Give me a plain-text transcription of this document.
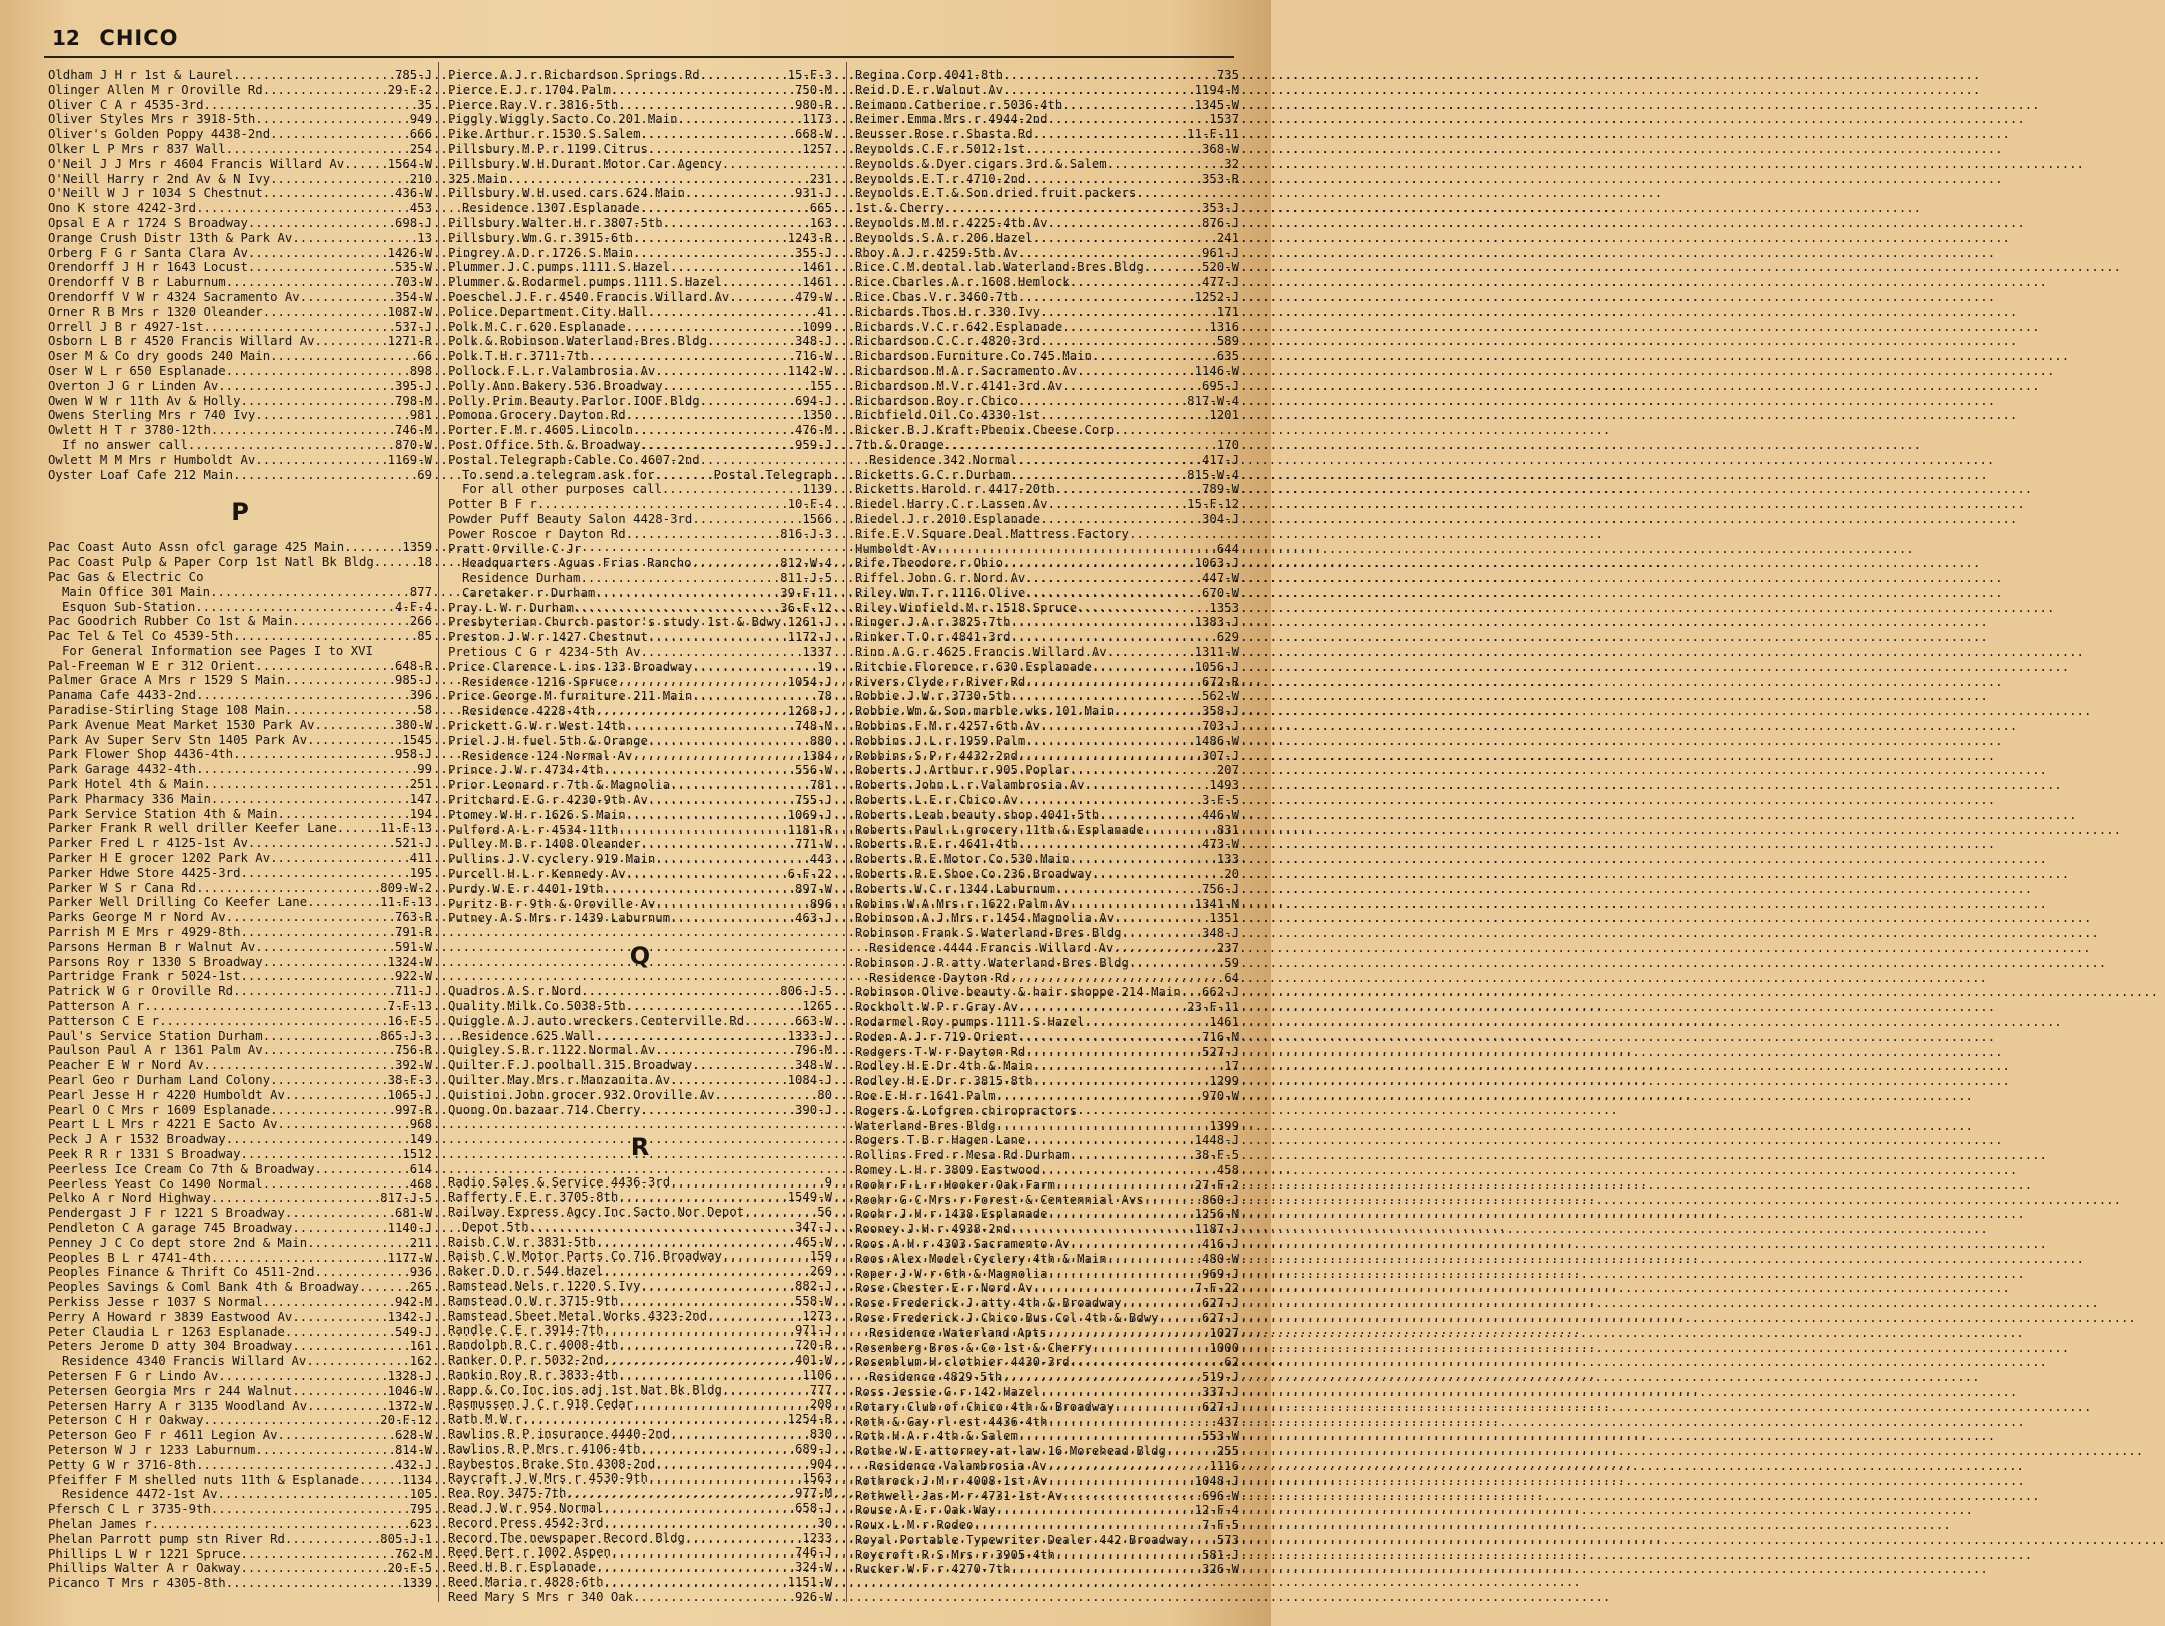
12 CHICO
Oldham J H r 1st & Laurel .....	785-J
Olinger Allen M r Oroville Rd .....	29-F-2
Oliver C A r 4535-3rd .....	35
Oliver Styles Mrs r 3918-5th .....	949
Oliver's Golden Poppy 4438-2nd .....	666
Olker L P Mrs r 837 Wall .....	254
O'Neil J J Mrs r 4604 Francis Willard Av .....	1564-W
O'Neill Harry r 2nd Av & N Ivy .....	210
O'Neill W J r 1034 S Chestnut .....	436-W
Ono K store 4242-3rd .....	453
Opsal E A r 1724 S Broadway .....	698-J
Orange Crush Distr 13th & Park Av .....	13
Orberg F G r Santa Clara Av .....	1426-W
Orendorff J H r 1643 Locust .....	535-W
Orendorff V B r Laburnum .....	703-W
Orendorff V W r 4324 Sacramento Av .....	354-W
Orner R B Mrs r 1320 Oleander .....	1087-W
Orrell J B r 4927-1st .....	537-J
Osborn L B r 4520 Francis Willard Av .....	1271-R
Oser M & Co dry goods 240 Main .....	66
Oser W L r 650 Esplanade .....	898
Overton J G r Linden Av .....	395-J
Owen W W r 11th Av & Holly .....	798-M
Owens Sterling Mrs r 740 Ivy .....	981
Owlett H T r 3780-12th .....	746-M
If no answer call .....	870-W
Owlett M M Mrs r Humboldt Av .....	1169-W
Oyster Loaf Cafe 212 Main .....	69
P
Pac Coast Auto Assn ofcl garage 425 Main .....	1359
Pac Coast Pulp & Paper Corp 1st Natl Bk Bldg .....	18
Pac Gas & Electric Co
Main Office 301 Main .....	877
Esquon Sub-Station .....	4-F-4
Pac Goodrich Rubber Co 1st & Main .....	266
Pac Tel & Tel Co 4539-5th .....	85
For General Information see Pages I to XVI
Pal-Freeman W E r 312 Orient .....	648-R
Palmer Grace A Mrs r 1529 S Main .....	985-J
Panama Cafe 4433-2nd .....	396
Paradise-Stirling Stage 108 Main .....	58
Park Avenue Meat Market 1530 Park Av .....	380-W
Park Av Super Serv Stn 1405 Park Av .....	1545
Park Flower Shop 4436-4th .....	958-J
Park Garage 4432-4th .....	99
Park Hotel 4th & Main .....	251
Park Pharmacy 336 Main .....	147
Park Service Station 4th & Main .....	194
Parker Frank R well driller Keefer Lane .....	11-F-13
Parker Fred L r 4125-1st Av .....	521-J
Parker H E grocer 1202 Park Av .....	411
Parker Hdwe Store 4425-3rd .....	195
Parker W S r Cana Rd .....	809-W-2
Parker Well Drilling Co Keefer Lane .....	11-F-13
Parks George M r Nord Av .....	763-R
Parrish M E Mrs r 4929-8th .....	791-R
Parsons Herman B r Walnut Av .....	591-W
Parsons Roy r 1330 S Broadway .....	1324-W
Partridge Frank r 5024-1st .....	922-W
Patrick W G r Oroville Rd .....	711-J
Patterson A r .....	7-F-13
Patterson C E r .....	16-F-5
Paul's Service Station Durham .....	865-J-3
Paulson Paul A r 1361 Palm Av .....	756-R
Peacher E W r Nord Av .....	392-W
Pearl Geo r Durham Land Colony .....	38-F-3
Pearl Jesse H r 4220 Humboldt Av .....	1065-J
Pearl O C Mrs r 1609 Esplanade .....	997-R
Peart L L Mrs r 4221 E Sacto Av .....	968
Peck J A r 1532 Broadway .....	149
Peek R R r 1331 S Broadway .....	1512
Peerless Ice Cream Co 7th & Broadway .....	614
Peerless Yeast Co 1490 Normal .....	468
Pelko A r Nord Highway .....	817-J-5
Pendergast J F r 1221 S Broadway .....	681-W
Pendleton C A garage 745 Broadway .....	1140-J
Penney J C Co dept store 2nd & Main .....	211
Peoples B L r 4741-4th .....	1177-W
Peoples Finance & Thrift Co 4511-2nd .....	936
Peoples Savings & Coml Bank 4th & Broadway .....	265
Perkiss Jesse r 1037 S Normal .....	942-M
Perry A Howard r 3839 Eastwood Av .....	1342-J
Peter Claudia L r 1263 Esplanade .....	549-J
Peters Jerome D atty 304 Broadway .....	161
Residence 4340 Francis Willard Av .....	162
Petersen F G r Lindo Av .....	1328-J
Petersen Georgia Mrs r 244 Walnut .....	1046-W
Petersen Harry A r 3135 Woodland Av .....	1372-W
Peterson C H r Oakway .....	20-F-12
Peterson Geo F r 4611 Legion Av .....	628-W
Peterson W J r 1233 Laburnum .....	814-W
Petty G W r 3716-8th .....	432-J
Pfeiffer F M shelled nuts 11th & Esplanade .....	1134
Residence 4472-1st Av .....	105
Pfersch C L r 3735-9th .....	795
Phelan James r .....	623
Phelan Parrott pump stn River Rd .....	805-J-1
Phillips L W r 1221 Spruce .....	762-M
Phillips Walter A r Oakway .....	20-F-5
Picanco T Mrs r 4305-8th .....	1339
Pierce A J r Richardson Springs Rd .....	15-F-3
Pierce E J r 1704 Palm .....	750-M
Pierce Ray V r 3816-5th .....	980-R
Piggly Wiggly Sacto Co 201 Main .....	1173
Pike Arthur r 1530 S Salem .....	668-W
Pillsbury M P r 1199 Citrus .....	1257
Pillsbury W H Durant Motor Car Agency
325 Main .....	231
Pillsbury W H used cars 624 Main .....	931-J
Residence 1307 Esplanade .....	665
Pillsbury Walter H r 3807-5th .....	163
Pillsbury Wm G r 3915-6th .....	1243-R
Pingrey A D r 1726 S Main .....	355-J
Plummer J C pumps 1111 S Hazel .....	1461
Plummer & Rodarmel pumps 1111 S Hazel .....	1461
Poeschel J F r 4540 Francis Willard Av .....	479-W
Police Department City Hall .....	41
Polk M C r 620 Esplanade .....	1099
Polk & Robinson Waterland-Bres Bldg .....	348-J
Polk T H r 3711-7th .....	716-W
Pollock F L r Valambrosia Av .....	1142-W
Polly Ann Bakery 536 Broadway .....	155
Polly Prim Beauty Parlor IOOF Bldg .....	694-J
Pomona Grocery Dayton Rd .....	1350
Porter F M r 4605 Lincoln .....	476-M
Post Office 5th & Broadway .....	959-J
Postal Telegraph-Cable Co 4607-2nd
To send a telegram ask for .....	Postal Telegraph
For all other purposes call .....	1139
Potter B F r .....	10-F-4
Powder Puff Beauty Salon 4428-3rd .....	1566
Power Roscoe r Dayton Rd .....	816-J-3
Pratt Orville C Jr
Headquarters Aguas Frias Rancho .....	812-W-4
Residence Durham .....	811-J-5
Caretaker r Durham .....	39-F-11
Pray L W r Durham .....	36-F-12
Presbyterian Church pastor's study 1st & Bdwy ..... 1261-J
Preston J W r 1427 Chestnut .....	1172-J
Pretious C G r 4234-5th Av .....	1337
Price Clarence L ins 133 Broadway .....	19
Residence 1216 Spruce .....	1054-J
Price George M furniture 211 Main .....	78
Residence 4228-4th .....	1268-J
Prickett G W r West 14th .....	748-M
Priel J H fuel 5th & Orange .....	880
Residence 124 Normal Av .....	1384
Prince J W r 4734-4th .....	556-W
Prior Leonard r 7th & Magnolia .....	781
Pritchard E G r 4230-9th Av .....	755-J
Ptomey W H r 1626 S Main .....	1069-J
Pulford A L r 4534-11th .....	1181-R
Pulley M B r 1408 Oleander .....	771-W
Pullins J V cyclery 919 Main .....	443
Purcell H L r Kennedy Av .....	6-F-22
Purdy W E r 4401-19th .....	897-W
Puritz B r 9th & Oroville Av .....	896
Putney A S Mrs r 1439 Laburnum .....	463-J
Q
Quadros A S r Nord .....	806-J-5
Quality Milk Co 5038-5th .....	1265
Quiggle A J auto wreckers Centerville Rd .....	663-W
Residence 625 Wall .....	1333-J
Quigley S R r 1122 Normal Av .....	796-M
Quilter F J poolhall 315 Broadway .....	348-W
Quilter May Mrs r Manzanita Av .....	1084-J
Quistini John grocer 932 Oroville Av .....	80
Quong On bazaar 714 Cherry .....	390-J
R
Radio Sales & Service 4436-3rd .....	9
Rafferty F E r 3705-8th .....	1549-W
Railway Express Agcy Inc Sacto Nor Depot .....	56
Depot 5th .....	347-J
Raish C W r 3831-5th .....	465-W
Raish C W Motor Parts Co 716 Broadway .....	159
Raker D D r 544 Hazel .....	269
Ramstead Nels r 1220 S Ivy .....	882-J
Ramstead O W r 3715-9th .....	558-W
Ramstead Sheet Metal Works 4323-2nd .....	1273
Randle C E r 3914-7th .....	971-J
Randolph R C r 4008-4th .....	720-R
Ranker O P r 5032-2nd .....	401-W
Rankin Roy R r 3833-4th .....	1106
Rapp & Co Inc ins adj 1st Nat Bk Bldg .....	777
Rasmussen J C r 918 Cedar .....	208
Rath M W r .....	1254-R
Rawlins R P insurance 4440-2nd .....	830
Rawlins R P Mrs r 4106-4th .....	689-J
Raybestos Brake Stn 4308-2nd .....	904
Raycraft J W Mrs r 4530-9th .....	1563
Rea Roy 3475-7th .....	977-M
Read J W r 954 Normal .....	658-J
Record Press 4542-3rd .....	30
Record The newspaper Record Bldg .....	1233
Reed Bert r 1002 Aspen .....	746-J
Reed H B r Esplanade .....	324-W
Reed Maria r 4828-6th .....	1151-W
Reed Mary S Mrs r 340 Oak .....	926-W
Regina Corp 4041-8th .....	735
Reid D E r Walnut Av .....	1194-M
Reimann Catherine r 5036-4th .....	1345-W
Reimer Emma Mrs r 4944-2nd .....	1537
Reusser Rose r Shasta Rd .....	11-F-11
Reynolds C F r 5012-1st .....	368-W
Reynolds & Dyer cigars 3rd & Salem .....	32
Reynolds E T r 4710-2nd .....	353-R
Reynolds E T & Son dried fruit packers
1st & Cherry .....	353-J
Reynolds M M r 4225-4th Av .....	876-J
Reynolds S A r 206 Hazel .....	241
Rhoy A J r 4259-5th Av .....	961-J
Rice C M dental lab Waterland-Bres Bldg .....	520-W
Rice Charles A r 1608 Hemlock .....	477-J
Rice Chas V r 3460-7th .....	1252-J
Richards Thos H r 330 Ivy .....	171
Richards V C r 642 Esplanade .....	1316
Richardson C C r 4820-3rd .....	589
Richardson Furniture Co 745 Main .....	635
Richardson M A r Sacramento Av .....	1146-W
Richardson M V r 4141-3rd Av .....	695-J
Richardson Roy r Chico .....	817-W-4
Richfield Oil Co 4330-1st .....	1201
Ricker B J Kraft-Phenix Cheese Corp
7th & Orange .....	170
Residence 342 Normal .....	417-J
Ricketts G C r Durham .....	815-W-4
Ricketts Harold r 4417-20th .....	789-W
Riedel Harry C r Lassen Av .....	15-F-12
Riedel J r 2010 Esplanade .....	304-J
Rife E V Square Deal Mattress Factory
Humboldt Av .....	644
Rife Theodore r Ohio .....	1063-J
Riffel John G r Nord Av .....	447-W
Riley Wm T r 1116 Olive .....	670-W
Riley Winfield M r 1518 Spruce .....	1353
Ringer J A r 3825-7th .....	1383-J
Rinker T O r 4841-3rd .....	629
Rinn A G r 4625 Francis Willard Av .....	1311-W
Ritchie Florence r 630 Esplanade .....	1056-J
Rivers Clyde r River Rd .....	672-R
Robbie J W r 3730-5th .....	562-W
Robbie Wm & Son marble wks 101 Main .....	358-J
Robbins F M r 4257-6th Av .....	703-J
Robbins J L r 1959 Palm .....	1486-W
Robbins S P r 4432-2nd .....	307-J
Roberts J Arthur r 905 Poplar .....	207
Roberts John L r Valambrosia Av .....	1493
Roberts L E r Chico Av .....	3-F-5
Roberts Leah beauty shop 4041-5th .....	446-W
Roberts Paul L grocery 11th & Esplanade .....	831
Roberts R E r 4641-4th .....	473-W
Roberts R E Motor Co 530 Main .....	133
Roberts R E Shoe Co 236 Broadway .....	20
Roberts W C r 1344 Laburnum .....	756-J
Robins W A Mrs r 1622 Palm Av .....	1341-M
Robinson A J Mrs r 1454 Magnolia Av .....	1351
Robinson Frank S Waterland-Bres Bldg .....	348-J
Residence 4444 Francis Willard Av .....	237
Robinson J R atty Waterland-Bres Bldg .....	59
Residence Dayton Rd .....	64
Robinson Olive beauty & hair shoppe 214 Main ..... 662-J
Rockholt W P r Gray Av .....	23-F-11
Rodarmel Roy pumps 1111 S Hazel .....	1461
Roden A J r 719 Orient .....	716-M
Rodgers T W r Dayton Rd .....	527-J
Rodley H E Dr 4th & Main .....	17
Rodley H E Dr r 3815-8th .....	1299
Roe E H r 1641 Palm .....	970-W
Rogers & Lofgren chiropractors
Waterland-Bres Bldg .....	1399
Rogers T B r Hagen Lane .....	1448-J
Rollins Fred r Mesa Rd Durham .....	38-F-5
Romey L H r 3809 Eastwood .....	458
Roohr F L r Hooker Oak Farm .....	27-F-2
Roohr G C Mrs r Forest & Centennial Avs .....	860-J
Roohr J H r 1438 Esplanade .....	1256-M
Rooney J H r 4938-2nd .....	1187-J
Roos A H r 4303 Sacramento Av .....	416-J
Roos Alex Model Cyclery 4th & Main .....	480-W
Roper J W r 6th & Magnolia .....	969-J
Rose Chester E r Nord Av .....	7-F-22
Rose Frederick J atty 4th & Broadway .....	627-J
Rose Frederick J Chico Bus Col 4th & Bdwy .....	627-J
Residence Waterland Apts .....	1027
Rosenberg Bros & Co 1st & Cherry .....	1000
Rosenblum H clothier 4430-3rd .....	62
Residence 4829-5th .....	519-J
Ross Jessie G r 142 Hazel .....	337-J
Rotary Club of Chico 4th & Broadway .....	627-J
Roth & Gay rl est 4436-4th .....	437
Roth H A r 4th & Salem .....	553-W
Rothe W E attorney-at-law 16 Morehead Bldg .....	255
Residence Valambrosia Av .....	1116
Rothrock J M r 4008-1st Av .....	1048-J
Rothwell Jas M r 4731-1st Av .....	696-W
Rouse A E r Oak Way .....	12-F-4
Roux L M r Rodeo .....	7-F-5
Royal Portable Typewriter Dealer 442 Broadway ..... 573
Roycroft R S Mrs r 3905-4th .....	581-J
Rucker W F r 4270-7th .....	326-W
